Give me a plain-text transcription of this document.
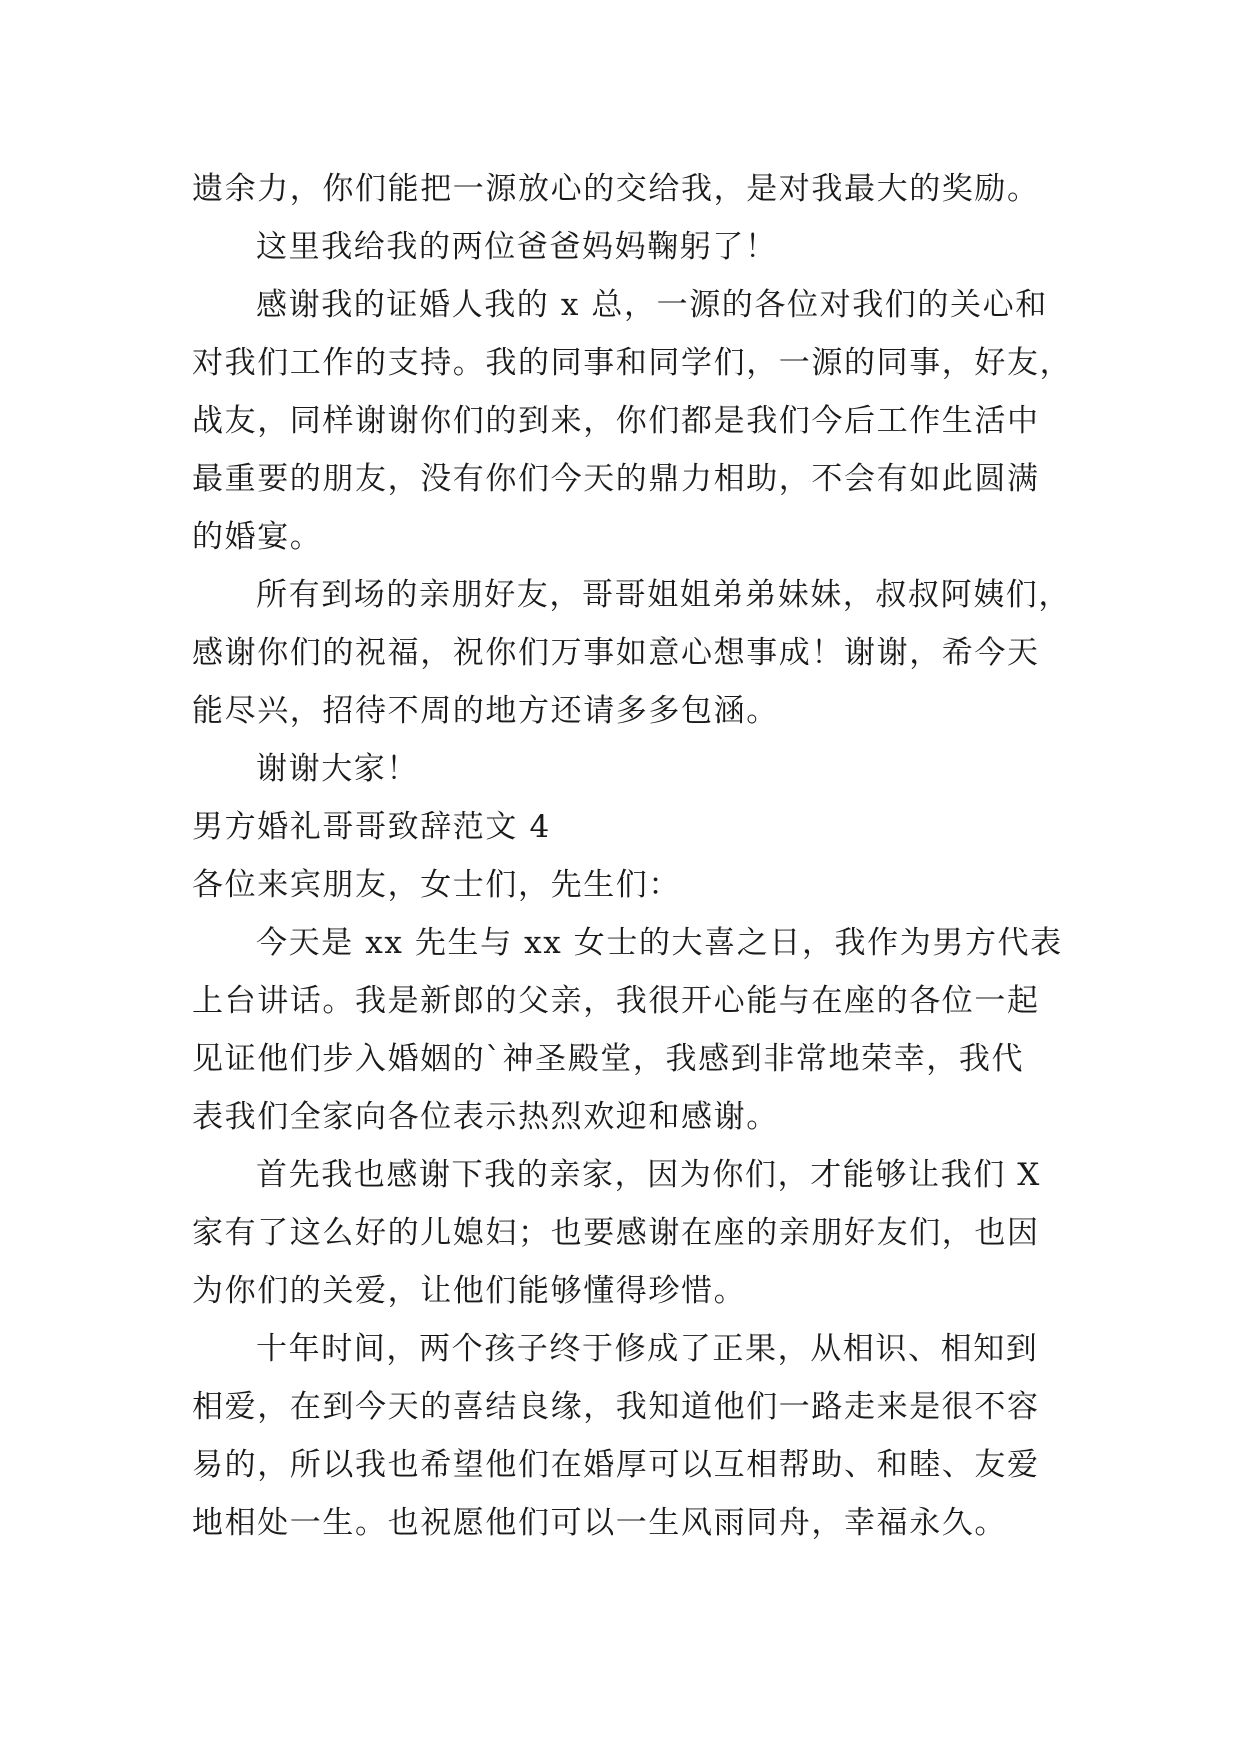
遗余力，你们能把一源放心的交给我，是对我最大的奖励。

这里我给我的两位爸爸妈妈鞠躬了！

感谢我的证婚人我的 x 总，一源的各位对我们的关心和

对我们工作的支持。我的同事和同学们，一源的同事，好友，

战友，同样谢谢你们的到来，你们都是我们今后工作生活中

最重要的朋友，没有你们今天的鼎力相助，不会有如此圆满

的婚宴。

所有到场的亲朋好友，哥哥姐姐弟弟妹妹，叔叔阿姨们，

感谢你们的祝福，祝你们万事如意心想事成！谢谢，希今天

能尽兴，招待不周的地方还请多多包涵。

谢谢大家！

男方婚礼哥哥致辞范文 4

各位来宾朋友，女士们，先生们：

今天是 xx 先生与 xx 女士的大喜之日，我作为男方代表

上台讲话。我是新郎的父亲，我很开心能与在座的各位一起

见证他们步入婚姻的`神圣殿堂，我感到非常地荣幸，我代

表我们全家向各位表示热烈欢迎和感谢。

首先我也感谢下我的亲家，因为你们，才能够让我们 X

家有了这么好的儿媳妇；也要感谢在座的亲朋好友们，也因

为你们的关爱，让他们能够懂得珍惜。

十年时间，两个孩子终于修成了正果，从相识、相知到

相爱，在到今天的喜结良缘，我知道他们一路走来是很不容

易的，所以我也希望他们在婚厚可以互相帮助、和睦、友爱

地相处一生。也祝愿他们可以一生风雨同舟，幸福永久。
